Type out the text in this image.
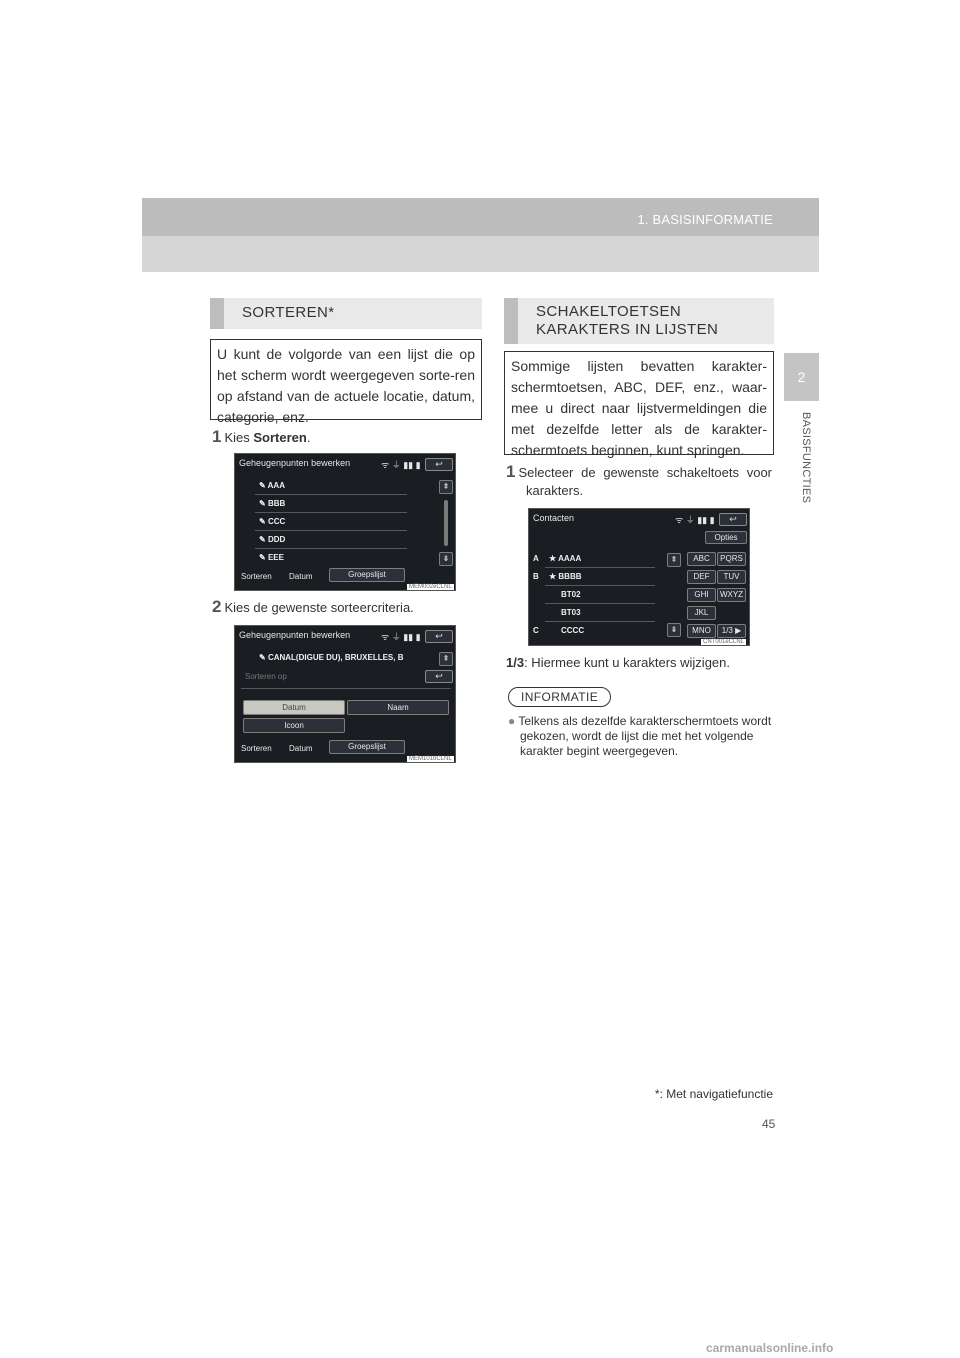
1. BASISINFORMATIE
2
BASISFUNCTIES
SORTEREN*
U kunt de volgorde van een lijst die op het scherm wordt weergegeven sorte-ren op afstand van de actuele locatie, datum, categorie, enz.
1 Kies Sorteren.
Geheugenpunten bewerken	ᯤ ⏚ ▮▮ ▮	↩
✎ AAA
✎ BBB
✎ CCC
✎ DDD
✎ EEE
⇞
⇟
Sorteren Datum	Groepslijst
MEM002eCLNL
2 Kies de gewenste sorteercriteria.
Geheugenpunten bewerken	ᯤ ⏚ ▮▮ ▮	↩
✎ CANAL(DIGUE DU), BRUXELLES, B	⇞
Sorteren op	↩
Datum	Naam
Icoon
Sorteren Datum	Groepslijst
MEM101bCLNL
SCHAKELTOETSEN
KARAKTERS IN LIJSTEN
Sommige lijsten bevatten karakter-schermtoetsen, ABC, DEF, enz., waar-mee u direct naar lijstvermeldingen die met dezelfde letter als de karakter-schermtoets beginnen, kunt springen.
1 Selecteer de gewenste schakeltoets voor karakters.
Contacten	ᯤ ⏚ ▮▮ ▮	↩
Opties
A ★ AAAA
B ★ BBBB
BT02
BT03
C	CCCC
⇞
⇟
ABC	PQRS
DEF	TUV
GHI	WXYZ
JKL
MNO	1/3 ▶
CNT001eCLNL
1/3: Hiermee kunt u karakters wijzigen.
INFORMATIE
● Telkens als dezelfde karakterschermtoets wordt gekozen, wordt de lijst die met het volgende karakter begint weergegeven.
*: Met navigatiefunctie
45
carmanualsonline.info
